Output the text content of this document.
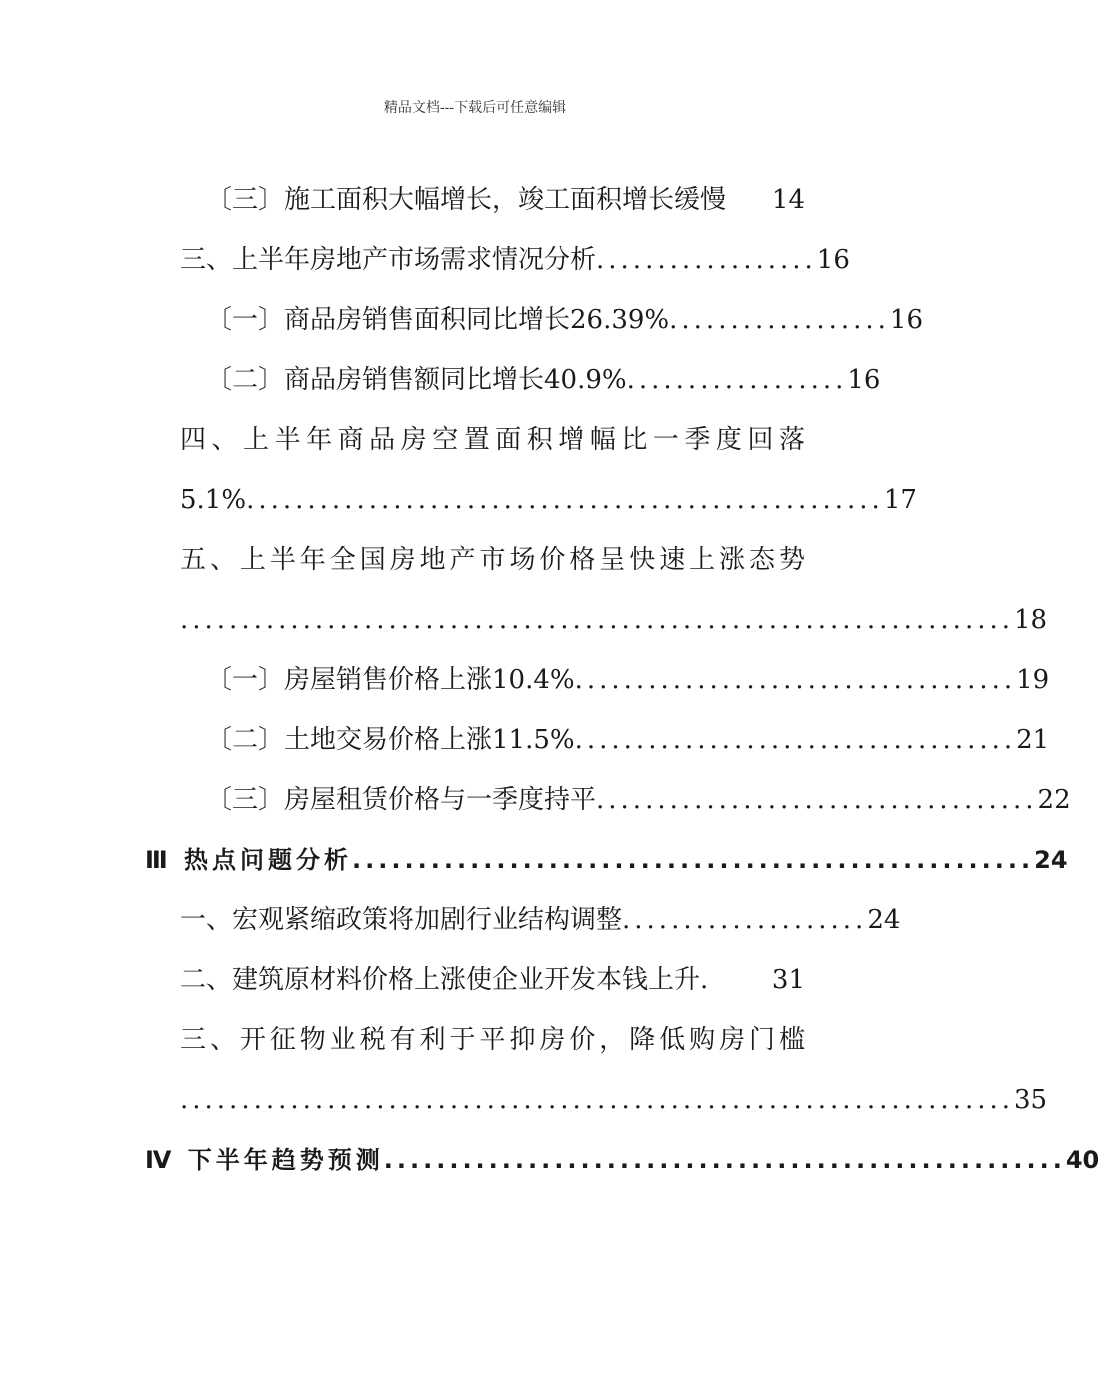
精品文档---下载后可任意编辑
〔三〕施工面积大幅增长，竣工面积增长缓慢 14
三、上半年房地产市场需求情况分析 .................. 16
〔一〕商品房销售面积同比增长26.39% .................. 16
〔二〕商品房销售额同比增长40.9% .................. 16
四、上半年商品房空置面积增幅比一季度回落
5.1% .................................................... 17
五、上半年全国房地产市场价格呈快速上涨态势
.................................................................... 18
〔一〕房屋销售价格上涨10.4% .................................... 19
〔二〕土地交易价格上涨11.5% .................................... 21
〔三〕房屋租赁价格与一季度持平 .................................... 22
Ⅲ 热点问题分析 .................................................... 24
一、宏观紧缩政策将加剧行业结构调整 .................... 24
二、建筑原材料价格上涨使企业开发本钱上升 .	31
三、开征物业税有利于平抑房价，降低购房门槛
.................................................................... 35
Ⅳ 下半年趋势预测 .................................................... 40
